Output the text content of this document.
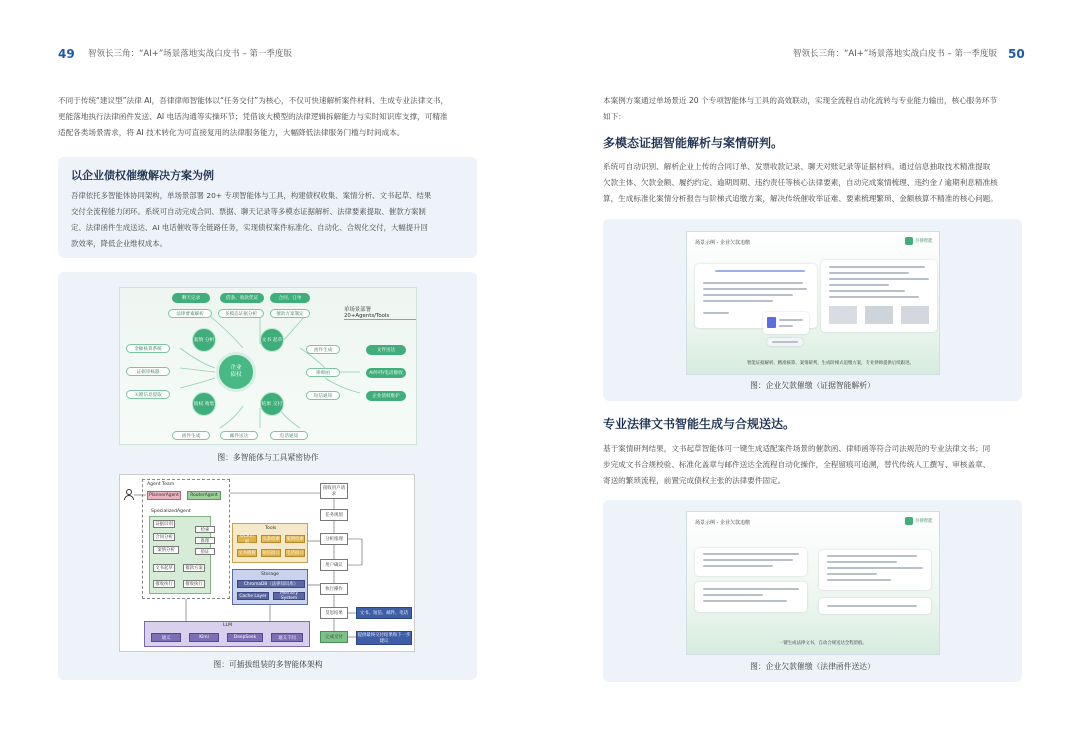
49 智领长三角：“AI+”场景落地实战白皮书 – 第一季度版
不同于传统“建议型”法律 AI，吾律律师智能体以“任务交付”为核心，不仅可快速解析案件材料、生成专业法律文书，
更能落地执行法律函件发送、AI 电话沟通等实操环节；凭借该大模型的法律逻辑拆解能力与实时知识库支撑，可精准
适配各类场景需求，将 AI 技术转化为可直接复用的法律服务能力，大幅降低法律服务门槛与时间成本。
以企业债权催缴解决方案为例
吾律依托多智能体协同架构，单场景部署 20+ 专项智能体与工具，构建债权收集、案情分析、文书起草、结果
交付全流程能力闭环。系统可自动完成合同、票据、聊天记录等多模态证据解析、法律要素提取、催款方案制
定、法律函件生成送达、AI 电话催收等全链路任务，实现债权案件标准化、自动化、合规化交付，大幅提升回
款效率，降低企业维权成本。
单场景部署20+Agents/Tools
聊天记录	借条、收款凭证	合同、订单
法律要素解析	多模态证据分析	催款方案制定
金额核算系统
证据审核器
关键信息提取
案情 分析	文书 起草
结果 交付
债权 收集
企业
债权
函件生成
律师函
短信通知
文件送达
AI外呼/电话催收
企业债权维护
函件生成	邮件送达	电话通知
图：多智能体与工具紧密协作
Agent Team
PlannerAgent	RouterAgent
SpecializedAgent
证据识别
合同分析
案情分析
文书起草	催款方案
催收执行	催收执行
检索
推理
验证
Tools
OCR识别
法条检索 案例检索
文书模板 短信接口 电话接口
Storage
ChromaDB（法律知识库）
Cache Layer	Memory System
LLM
通义	Kimi	DeepSeek	通义千问
接收用户请求
任务规划
分析推理
用户确认
执行操作
反思结果
完成交付
文书、短信、邮件、电话
提供最终交付结果和下一步建议
图：可插拔组装的多智能体架构
智领长三角：“AI+”场景落地实战白皮书 – 第一季度版 50
本案例方案通过单场景近 20 个专项智能体与工具的高效联动，实现全流程自动化流转与专业能力输出，核心服务环节
如下：
多模态证据智能解析与案情研判。
系统可自动识别、解析企业上传的合同订单、发票收款记录、聊天对账记录等证据材料。通过信息抽取技术精准提取
欠款主体、欠款金额、履约约定、逾期周期、违约责任等核心法律要素，自动完成案情梳理、违约金 / 逾期利息精准核
算，生成标准化案情分析报告与阶梯式追缴方案，解决传统催收举证难、要素梳理繁琐、金额核算不精准的核心问题。
场景示例 - 企业欠款追缴	吾律智能
智能证据解析、精准核算、案情研判，生成阶梯式追缴方案，专业律师提供后续跟进。
图：企业欠款催缴（证据智能解析）
专业法律文书智能生成与合规送达。
基于案情研判结果，文书起草智能体可一键生成适配案件场景的催款函、律师函等符合司法规范的专业法律文书；同
步完成文书合规校验、标准化盖章与邮件送达全流程自动化操作，全程留痕可追溯，替代传统人工撰写、审核盖章、
寄送的繁琐流程，前置完成债权主张的法律要件固定。
场景示例 - 企业欠款追缴	吾律智能
一键生成法律文书，自动合规送达全程留痕。
图：企业欠款催缴（法律函件送达）
